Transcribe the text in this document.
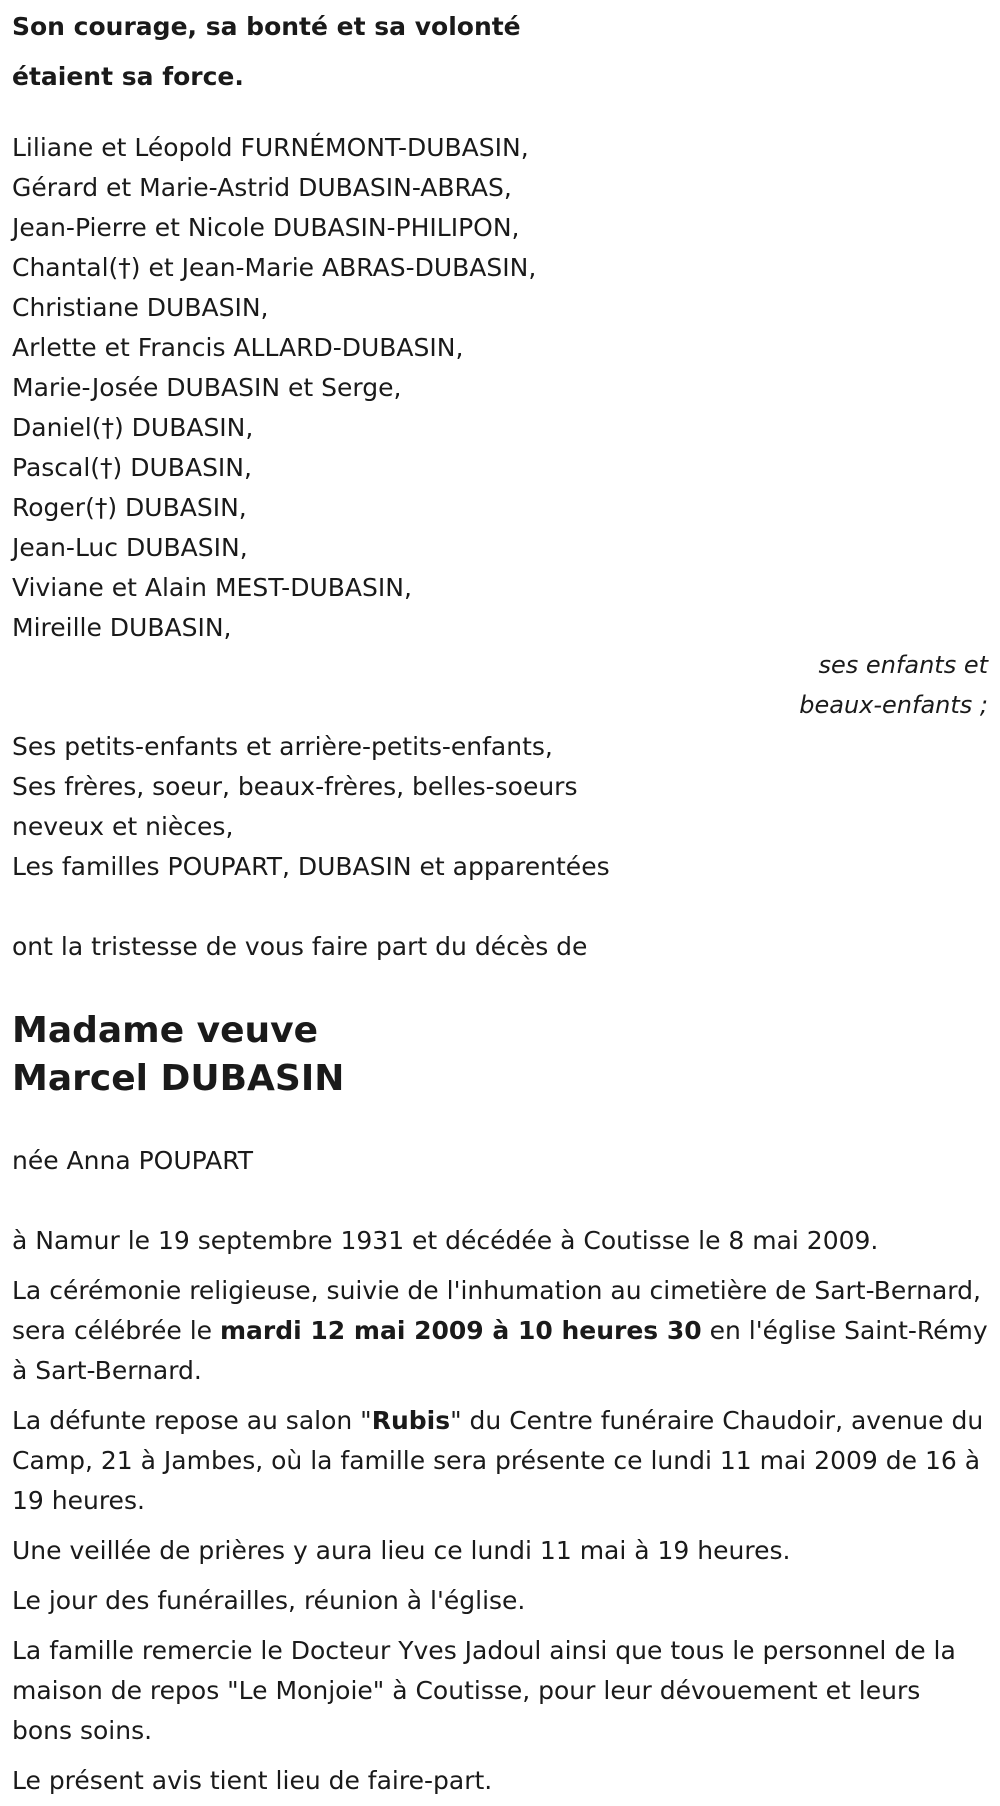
Son courage, sa bonté et sa volonté
étaient sa force.
Liliane et Léopold FURNÉMONT-DUBASIN,
Gérard et Marie-Astrid DUBASIN-ABRAS,
Jean-Pierre et Nicole DUBASIN-PHILIPON,
Chantal(†) et Jean-Marie ABRAS-DUBASIN,
Christiane DUBASIN,
Arlette et Francis ALLARD-DUBASIN,
Marie-Josée DUBASIN et Serge,
Daniel(†) DUBASIN,
Pascal(†) DUBASIN,
Roger(†) DUBASIN,
Jean-Luc DUBASIN,
Viviane et Alain MEST-DUBASIN,
Mireille DUBASIN,
ses enfants et
beaux-enfants ;
Ses petits-enfants et arrière-petits-enfants,
Ses frères, soeur, beaux-frères, belles-soeurs
neveux et nièces,
Les familles POUPART, DUBASIN et apparentées
ont la tristesse de vous faire part du décès de
Madame veuve
Marcel DUBASIN
née Anna POUPART

à Namur le 19 septembre 1931 et décédée à Coutisse le 8 mai 2009.

La cérémonie religieuse, suivie de l'inhumation au cimetière de Sart-Bernard, sera célébrée le mardi 12 mai 2009 à 10 heures 30 en l'église Saint-Rémy à Sart-Bernard.

La défunte repose au salon "Rubis" du Centre funéraire Chaudoir, avenue du Camp, 21 à Jambes, où la famille sera présente ce lundi 11 mai 2009 de 16 à 19 heures.

Une veillée de prières y aura lieu ce lundi 11 mai à 19 heures.

Le jour des funérailles, réunion à l'église.

La famille remercie le Docteur Yves Jadoul ainsi que tous le personnel de la maison de repos "Le Monjoie" à Coutisse, pour leur dévouement et leurs bons soins.

Le présent avis tient lieu de faire-part.
